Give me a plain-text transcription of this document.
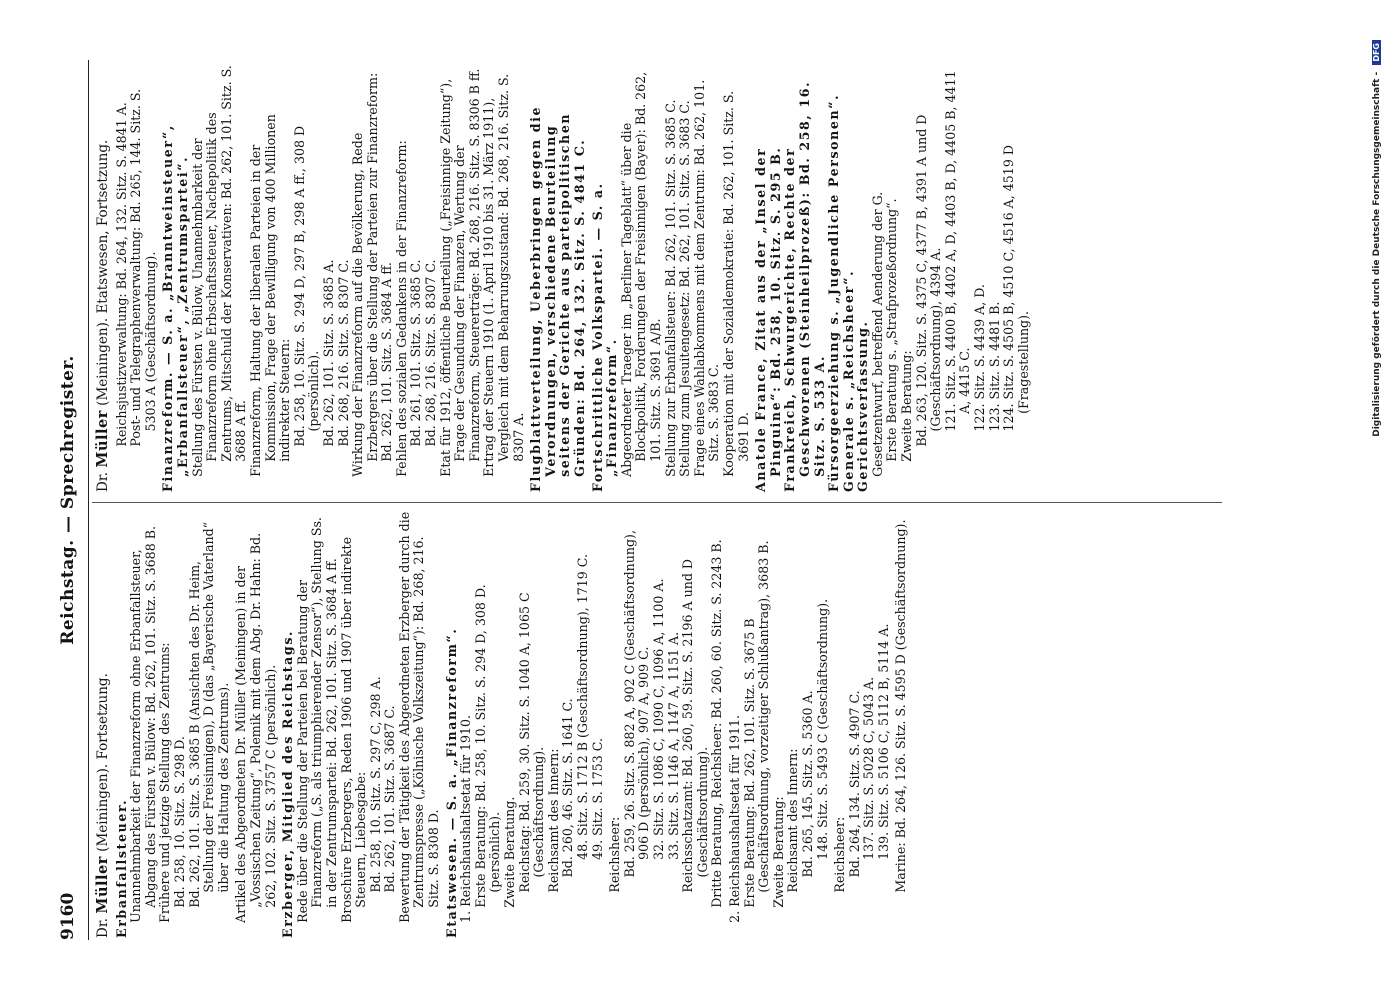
9160
Reichstag. — Sprechregister.
Dr. Müller (Meiningen). Fortsetzung.
Erbanfallsteuer. Unannehmbarkeit der Finanzreform ohne Erbanfallsteuer, Abgang des Fürsten v. Bülow: Bd. 262, 101. Sitz. S. 3688 B. Frühere und jetzige Stellung des Zentrums: Bd. 258, 10. Sitz. S. 298 D. Bd. 262, 101. Sitz. S. 3685 B (Ansichten des Dr. Heim, Stellung der Freisinnigen), D (das „Bayerische Vaterland“ über die Haltung des Zentrums). Artikel des Abgeordneten Dr. Müller (Meiningen) in der „Vossischen Zeitung“, Polemik mit dem Abg. Dr. Hahn: Bd. 262, 102. Sitz. S. 3757 C (persönlich). Erzberger, Mitglied des Reichstags. Rede über die Stellung der Parteien bei Beratung der Finanzreform („S. als triumphierender Zensor“), Stellung Ss. in der Zentrumspartei: Bd. 262, 101. Sitz. S. 3684 A ff. Broschüre Erzbergers, Reden 1906 und 1907 über indirekte Steuern, Liebesgabe: Bd. 258, 10. Sitz. S. 297 C, 298 A. Bd. 262, 101. Sitz. S. 3687 C. Bewertung der Tätigkeit des Abgeordneten Erzberger durch die Zentrumspresse („Kölnische Volkszeitung“): Bd. 268, 216. Sitz. S. 8308 D. Etatswesen. — S. a. „Finanzreform“. 1. Reichshaushaltsetat für 1910. Erste Beratung: Bd. 258, 10. Sitz. S. 294 D, 308 D. (persönlich). Zweite Beratung. Reichstag: Bd. 259, 30. Sitz. S. 1040 A, 1065 C (Geschäftsordnung). Reichsamt des Innern: Bd. 260, 46. Sitz. S. 1641 C. 48. Sitz. S. 1712 B (Geschäftsordnung), 1719 C. 49. Sitz. S. 1753 C. Reichsheer: Bd. 259, 26. Sitz. S. 882 A, 902 C (Geschäftsordnung), 906 D (persönlich), 907 A, 909 C. 32. Sitz. S. 1086 C, 1090 C, 1096 A, 1100 A. 33. Sitz. S. 1146 A, 1147 A, 1151 A. Reichsschatzamt: Bd. 260, 59. Sitz. S. 2196 A und D (Geschäftsordnung). Dritte Beratung, Reichsheer: Bd. 260, 60. Sitz. S. 2243 B. 2. Reichshaushaltsetat für 1911. Erste Beratung: Bd. 262, 101. Sitz. S. 3675 B (Geschäftsordnung, vorzeitiger Schlußantrag), 3683 B. Zweite Beratung: Reichsamt des Innern: Bd. 265, 145. Sitz. S. 5360 A. 148. Sitz. S. 5493 C (Geschäftsordnung). Reichsheer: Bd. 264, 134. Sitz. S. 4907 C. 137. Sitz. S. 5028 C, 5043 A. 139. Sitz. S. 5106 C, 5112 B, 5114 A. Marine: Bd. 264, 126. Sitz. S. 4595 D (Geschäftsordnung).
Dr. Müller (Meiningen). Etatswesen, Fortsetzung. Reichsjustizverwaltung: Bd. 264, 132. Sitz. S. 4841 A. Post- und Telegraphenverwaltung: Bd. 265, 144. Sitz. S. 5303 A (Geschäftsordnung). Finanzreform. — S. a. „Branntweinsteuer“, „Erbanfallsteuer“, „Zentrumspartei“. Stellung des Fürsten v. Bülow, Unannehmbarkeit der Finanzreform ohne Erbschaftssteuer, Nachepolitik des Zentrums, Mitschuld der Konservativen: Bd. 262, 101. Sitz. S. 3688 A ff. Finanzreform, Haltung der liberalen Parteien in der Kommission, Frage der Bewilligung von 400 Millionen indirekter Steuern: Bd. 258, 10. Sitz. S. 294 D, 297 B, 298 A ff., 308 D (persönlich). Bd. 262, 101. Sitz. S. 3685 A. Bd. 268, 216. Sitz. S. 8307 C. Wirkung der Finanzreform auf die Bevölkerung, Rede Erzbergers über die Stellung der Parteien zur Finanzreform: Bd. 262, 101. Sitz. S. 3684 A ff. Fehlen des sozialen Gedankens in der Finanzreform: Bd. 261, 101. Sitz. S. 3685 C. Bd. 268, 216. Sitz. S. 8307 C. Etat für 1912, öffentliche Beurteilung („Freisinnige Zeitung“), Frage der Gesundung der Finanzen, Wertung der Finanzreform, Steuererträge: Bd. 268, 216. Sitz. S. 8306 B ff. Ertrag der Steuern 1910 (1. April 1910 bis 31. März 1911), Vergleich mit dem Beharrungszustand: Bd. 268, 216. Sitz. S. 8307 A. Flugblattverteilung, Ueberbringen gegen die Verordnungen, verschiedene Beurteilung seitens der Gerichte aus parteipolitischen Gründen: Bd. 264, 132. Sitz. S. 4841 C. Fortschrittliche Volkspartei. — S. a. „Finanzreform“. Abgeordneter Traeger im „Berliner Tageblatt“ über die Blockpolitik, Forderungen der Freisinnigen (Bayer): Bd. 262, 101. Sitz. S. 3691 A/B. Stellung zur Erbanfallsteuer: Bd. 262, 101. Sitz. S. 3685 C. Stellung zum Jesuitengesetz: Bd. 262, 101. Sitz. S. 3683 C. Frage eines Wahlabkommens mit dem Zentrum: Bd. 262, 101. Sitz. S. 3683 C. Kooperation mit der Sozialdemokratie: Bd. 262, 101. Sitz. S. 3691 D. Anatole France, Zitat aus der „Insel der Pinguine“: Bd. 258, 10. Sitz. S. 295 B. Frankreich, Schwurgerichte, Rechte der Geschworenen (Steinheilprozeß): Bd. 258, 16. Sitz. S. 533 A. Fürsorgeerziehung s. „Jugendliche Personen“. Generale s. „Reichsheer“. Gerichtsverfassung. Gesetzentwurf, betreffend Aenderung der G. Erste Beratung s. „Strafprozeßordnung“. Zweite Beratung: Bd. 263, 120. Sitz. S. 4375 C, 4377 B, 4391 A und D (Geschäftsordnung), 4394 A. 121. Sitz. S. 4400 B, 4402 A, D, 4403 B, D, 4405 B, 4411 A, 4415 C. 122. Sitz. S. 4439 A, D. 123. Sitz. S. 4481 B. 124. Sitz. S. 4505 B, 4510 C, 4516 A, 4519 D (Fragestellung).	Digitalisierung gefördert durch die Deutsche Forschungsgemeinschaft - DFG
